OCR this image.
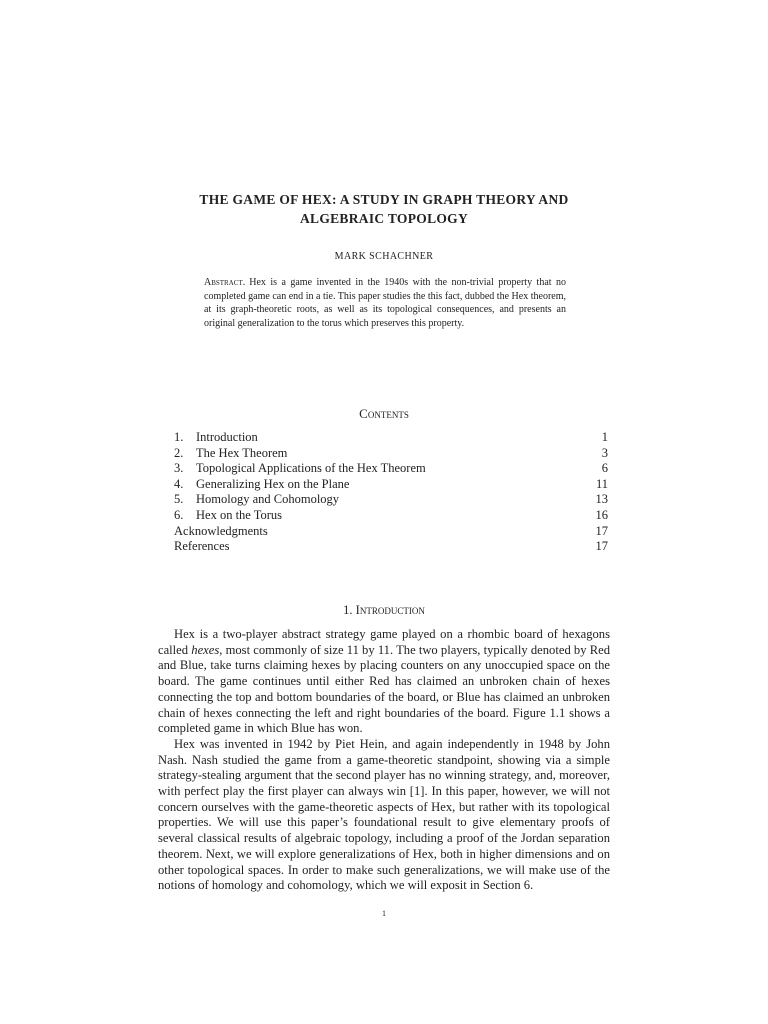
THE GAME OF HEX: A STUDY IN GRAPH THEORY AND
ALGEBRAIC TOPOLOGY
MARK SCHACHNER
Abstract. Hex is a game invented in the 1940s with the non-trivial property that no completed game can end in a tie. This paper studies the this fact, dubbed the Hex theorem, at its graph-theoretic roots, as well as its topological consequences, and presents an original generalization to the torus which preserves this property.
Contents
1.	Introduction	1
2.	The Hex Theorem	3
3.	Topological Applications of the Hex Theorem	6
4.	Generalizing Hex on the Plane	11
5.	Homology and Cohomology	13
6.	Hex on the Torus	16
Acknowledgments	17
References	17
1. Introduction

Hex is a two-player abstract strategy game played on a rhombic board of hexagons called hexes, most commonly of size 11 by 11. The two players, typically denoted by Red and Blue, take turns claiming hexes by placing counters on any unoccupied space on the board. The game continues until either Red has claimed an unbroken chain of hexes connecting the top and bottom boundaries of the board, or Blue has claimed an unbroken chain of hexes connecting the left and right boundaries of the board. Figure 1.1 shows a completed game in which Blue has won.

Hex was invented in 1942 by Piet Hein, and again independently in 1948 by John Nash. Nash studied the game from a game-theoretic standpoint, showing via a simple strategy-stealing argument that the second player has no winning strategy, and, moreover, with perfect play the first player can always win [1]. In this paper, however, we will not concern ourselves with the game-theoretic aspects of Hex, but rather with its topological properties. We will use this paper’s foundational result to give elementary proofs of several classical results of algebraic topology, including a proof of the Jordan separation theorem. Next, we will explore generalizations of Hex, both in higher dimensions and on other topological spaces. In order to make such generalizations, we will make use of the notions of homology and cohomology, which we will exposit in Section 6.

1
